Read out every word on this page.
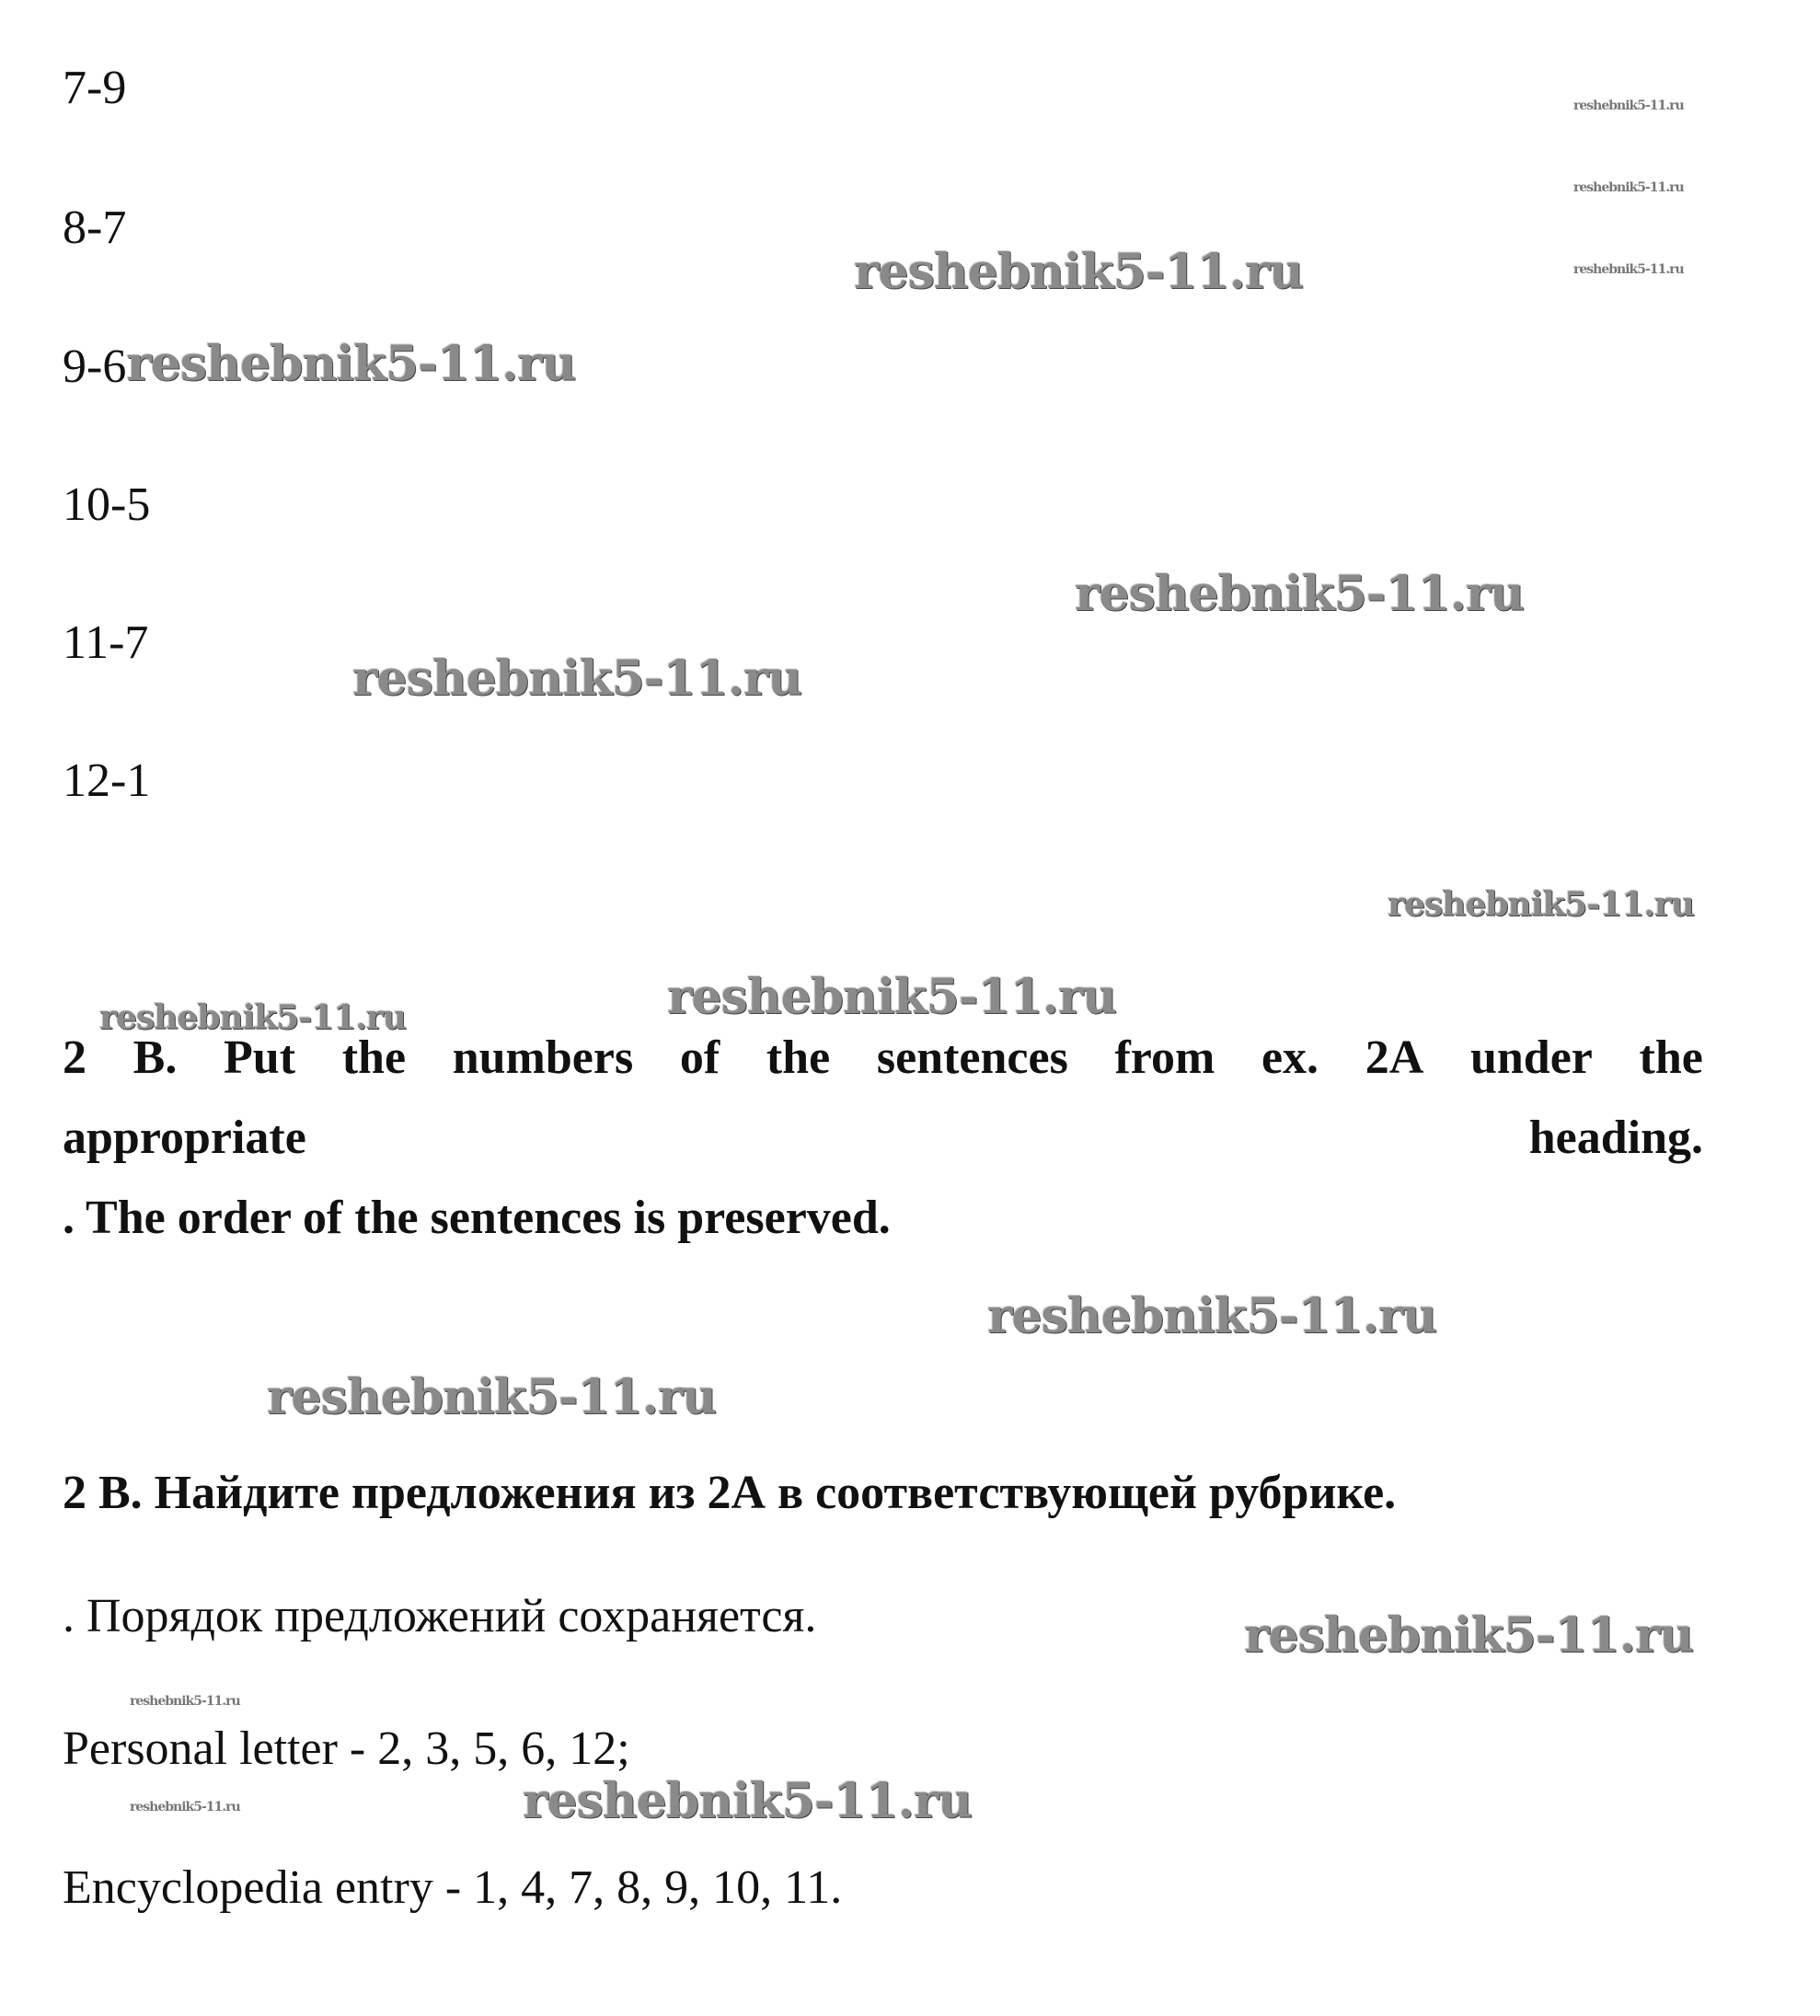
7-9
8-7
9-6reshebnik5-11.ru
10-5
11-7
12-1
2 B. Put the numbers of the sentences from ex. 2A under the
appropriate	heading.
. The order of the sentences is preserved.
2 B. Найдите предложения из 2А в соответствующей рубрике.
. Порядок предложений сохраняется.
Personal letter - 2, 3, 5, 6, 12;
Encyclopedia entry - 1, 4, 7, 8, 9, 10, 11.
reshebnik5-11.ru
reshebnik5-11.ru
reshebnik5-11.ru
reshebnik5-11.ru
reshebnik5-11.ru
reshebnik5-11.ru
reshebnik5-11.ru
reshebnik5-11.ru	reshebnik5-11.ru
reshebnik5-11.ru
reshebnik5-11.ru
reshebnik5-11.ru
reshebnik5-11.ru
reshebnik5-11.ru	reshebnik5-11.ru
